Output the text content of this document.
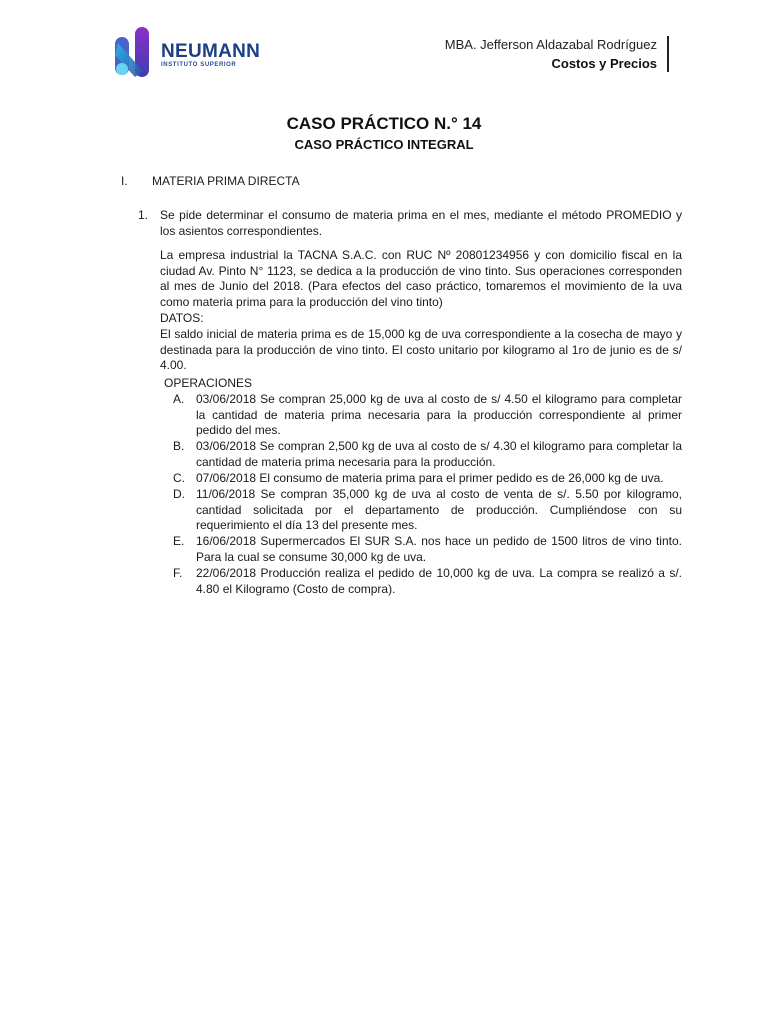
NEUMANN
INSTITUTO SUPERIOR
MBA. Jefferson Aldazabal Rodríguez
Costos y Precios
CASO PRÁCTICO N.° 14
CASO PRÁCTICO INTEGRAL
I. MATERIA PRIMA DIRECTA
1. Se pide determinar el consumo de materia prima en el mes, mediante el método PROMEDIO y los asientos correspondientes.
La empresa industrial la TACNA S.A.C. con RUC Nº 20801234956 y con domicilio fiscal en la ciudad Av. Pinto N° 1123, se dedica a la producción de vino tinto. Sus operaciones corresponden al mes de Junio del 2018. (Para efectos del caso práctico, tomaremos el movimiento de la uva como materia prima para la producción del vino tinto)
DATOS:
El saldo inicial de materia prima es de 15,000 kg de uva correspondiente a la cosecha de mayo y destinada para la producción de vino tinto. El costo unitario por kilogramo al 1ro de junio es de s/ 4.00.
OPERACIONES
A. 03/06/2018 Se compran 25,000 kg de uva al costo de s/ 4.50 el kilogramo para completar la cantidad de materia prima necesaria para la producción correspondiente al primer pedido del mes.
B. 03/06/2018 Se compran 2,500 kg de uva al costo de s/ 4.30 el kilogramo para completar la cantidad de materia prima necesaria para la producción.
C. 07/06/2018 El consumo de materia prima para el primer pedido es de 26,000 kg de uva.
D. 11/06/2018 Se compran 35,000 kg de uva al costo de venta de s/. 5.50 por kilogramo, cantidad solicitada por el departamento de producción. Cumpliéndose con su requerimiento el día 13 del presente mes.
E. 16/06/2018 Supermercados El SUR S.A. nos hace un pedido de 1500 litros de vino tinto. Para la cual se consume 30,000 kg de uva.
F. 22/06/2018 Producción realiza el pedido de 10,000 kg de uva. La compra se realizó a s/. 4.80 el Kilogramo (Costo de compra).
